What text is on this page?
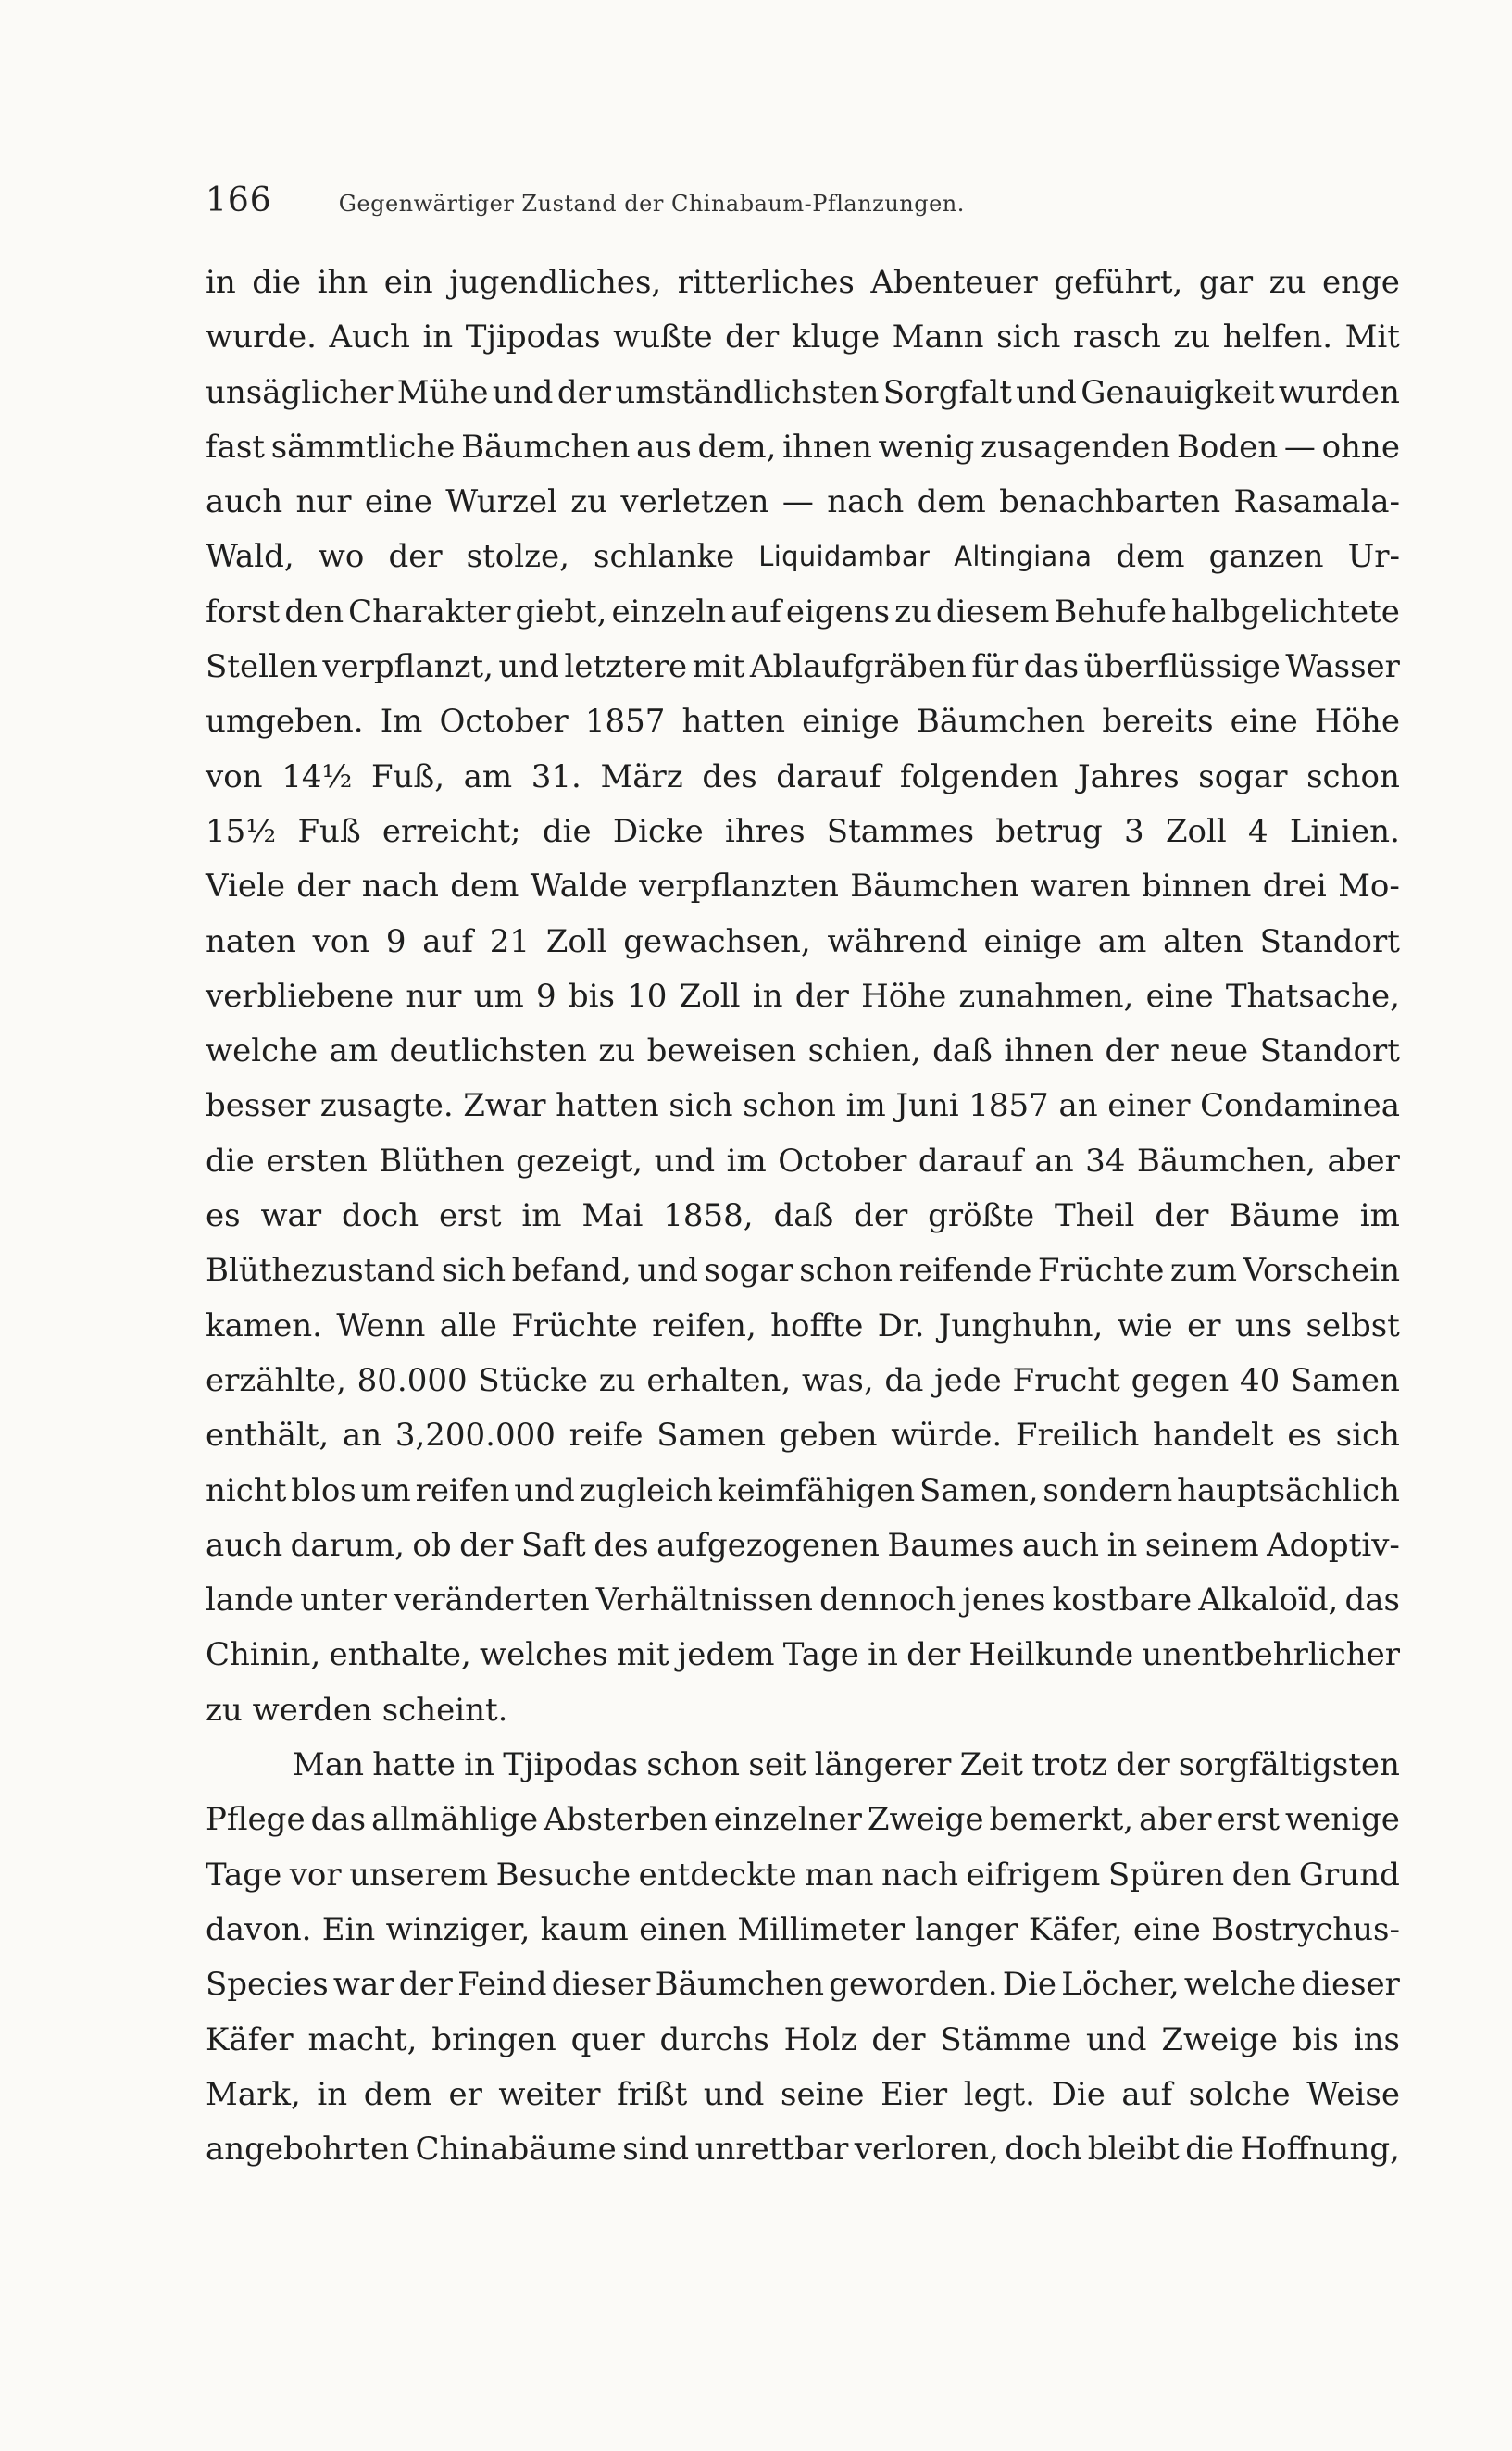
166	Gegenwärtiger Zustand der Chinabaum-Pflanzungen.
in die ihn ein jugendliches, ritterliches Abenteuer geführt, gar zu enge
wurde. Auch in Tjipodas wußte der kluge Mann sich rasch zu helfen. Mit
unsäglicher Mühe und der umständlichsten Sorgfalt und Genauigkeit wurden
fast sämmtliche Bäumchen aus dem, ihnen wenig zusagenden Boden — ohne
auch nur eine Wurzel zu verletzen — nach dem benachbarten Rasamala-
Wald, wo der stolze, schlanke Liquidambar Altingiana dem ganzen Ur-
forst den Charakter giebt, einzeln auf eigens zu diesem Behufe halbgelichtete
Stellen verpflanzt, und letztere mit Ablaufgräben für das überflüssige Wasser
umgeben. Im October 1857 hatten einige Bäumchen bereits eine Höhe
von 14½ Fuß, am 31. März des darauf folgenden Jahres sogar schon
15½ Fuß erreicht; die Dicke ihres Stammes betrug 3 Zoll 4 Linien.
Viele der nach dem Walde verpflanzten Bäumchen waren binnen drei Mo-
naten von 9 auf 21 Zoll gewachsen, während einige am alten Standort
verbliebene nur um 9 bis 10 Zoll in der Höhe zunahmen, eine Thatsache,
welche am deutlichsten zu beweisen schien, daß ihnen der neue Standort
besser zusagte. Zwar hatten sich schon im Juni 1857 an einer Condaminea
die ersten Blüthen gezeigt, und im October darauf an 34 Bäumchen, aber
es war doch erst im Mai 1858, daß der größte Theil der Bäume im
Blüthezustand sich befand, und sogar schon reifende Früchte zum Vorschein
kamen. Wenn alle Früchte reifen, hoffte Dr. Junghuhn, wie er uns selbst
erzählte, 80.000 Stücke zu erhalten, was, da jede Frucht gegen 40 Samen
enthält, an 3,200.000 reife Samen geben würde. Freilich handelt es sich
nicht blos um reifen und zugleich keimfähigen Samen, sondern hauptsächlich
auch darum, ob der Saft des aufgezogenen Baumes auch in seinem Adoptiv-
lande unter veränderten Verhältnissen dennoch jenes kostbare Alkaloïd, das
Chinin, enthalte, welches mit jedem Tage in der Heilkunde unentbehrlicher
zu werden scheint.
Man hatte in Tjipodas schon seit längerer Zeit trotz der sorgfältigsten
Pflege das allmählige Absterben einzelner Zweige bemerkt, aber erst wenige
Tage vor unserem Besuche entdeckte man nach eifrigem Spüren den Grund
davon. Ein winziger, kaum einen Millimeter langer Käfer, eine Bostrychus-
Species war der Feind dieser Bäumchen geworden. Die Löcher, welche dieser
Käfer macht, bringen quer durchs Holz der Stämme und Zweige bis ins
Mark, in dem er weiter frißt und seine Eier legt. Die auf solche Weise
angebohrten Chinabäume sind unrettbar verloren, doch bleibt die Hoffnung,
